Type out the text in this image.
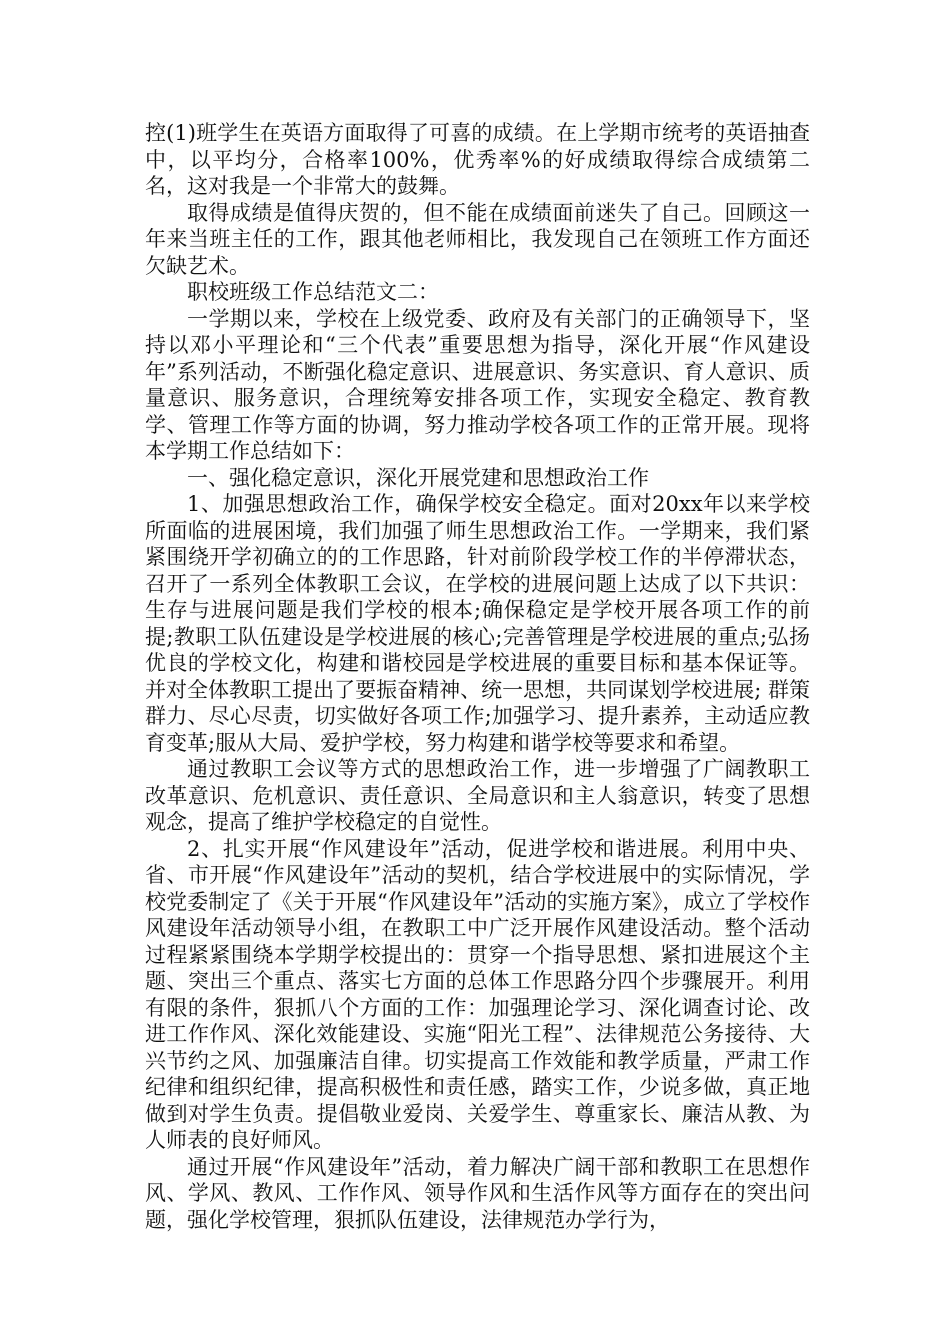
控(1)班学生在英语方面取得了可喜的成绩。在上学期市统考的英语抽查中，以平均分，合格率100%，优秀率%的好成绩取得综合成绩第二名，这对我是一个非常大的鼓舞。

取得成绩是值得庆贺的，但不能在成绩面前迷失了自己。回顾这一年来当班主任的工作，跟其他老师相比，我发现自己在领班工作方面还欠缺艺术。

职校班级工作总结范文二：

一学期以来，学校在上级党委、政府及有关部门的正确领导下，坚持以邓小平理论和“三个代表”重要思想为指导，深化开展“作风建设年”系列活动，不断强化稳定意识、进展意识、务实意识、育人意识、质量意识、服务意识，合理统筹安排各项工作，实现安全稳定、教育教学、管理工作等方面的协调，努力推动学校各项工作的正常开展。现将本学期工作总结如下：

一、强化稳定意识，深化开展党建和思想政治工作

1、加强思想政治工作，确保学校安全稳定。面对20xx年以来学校所面临的进展困境，我们加强了师生思想政治工作。一学期来，我们紧紧围绕开学初确立的的工作思路，针对前阶段学校工作的半停滞状态，召开了一系列全体教职工会议，在学校的进展问题上达成了以下共识：生存与进展问题是我们学校的根本;确保稳定是学校开展各项工作的前提;教职工队伍建设是学校进展的核心;完善管理是学校进展的重点;弘扬优良的学校文化，构建和谐校园是学校进展的重要目标和基本保证等。并对全体教职工提出了要振奋精神、统一思想，共同谋划学校进展; 群策群力、尽心尽责，切实做好各项工作;加强学习、提升素养，主动适应教育变革;服从大局、爱护学校，努力构建和谐学校等要求和希望。

通过教职工会议等方式的思想政治工作，进一步增强了广阔教职工改革意识、危机意识、责任意识、全局意识和主人翁意识，转变了思想观念，提高了维护学校稳定的自觉性。

2、扎实开展“作风建设年”活动，促进学校和谐进展。利用中央、省、市开展“作风建设年”活动的契机，结合学校进展中的实际情况，学校党委制定了《关于开展“作风建设年”活动的实施方案》，成立了学校作风建设年活动领导小组，在教职工中广泛开展作风建设活动。整个活动过程紧紧围绕本学期学校提出的：贯穿一个指导思想、紧扣进展这个主题、突出三个重点、落实七方面的总体工作思路分四个步骤展开。利用有限的条件，狠抓八个方面的工作：加强理论学习、深化调查讨论、改进工作作风、深化效能建设、实施“阳光工程”、法律规范公务接待、大兴节约之风、加强廉洁自律。切实提高工作效能和教学质量，严肃工作纪律和组织纪律，提高积极性和责任感，踏实工作，少说多做，真正地做到对学生负责。提倡敬业爱岗、关爱学生、尊重家长、廉洁从教、为人师表的良好师风。

通过开展“作风建设年”活动，着力解决广阔干部和教职工在思想作风、学风、教风、工作作风、领导作风和生活作风等方面存在的突出问题，强化学校管理，狠抓队伍建设，法律规范办学行为，
